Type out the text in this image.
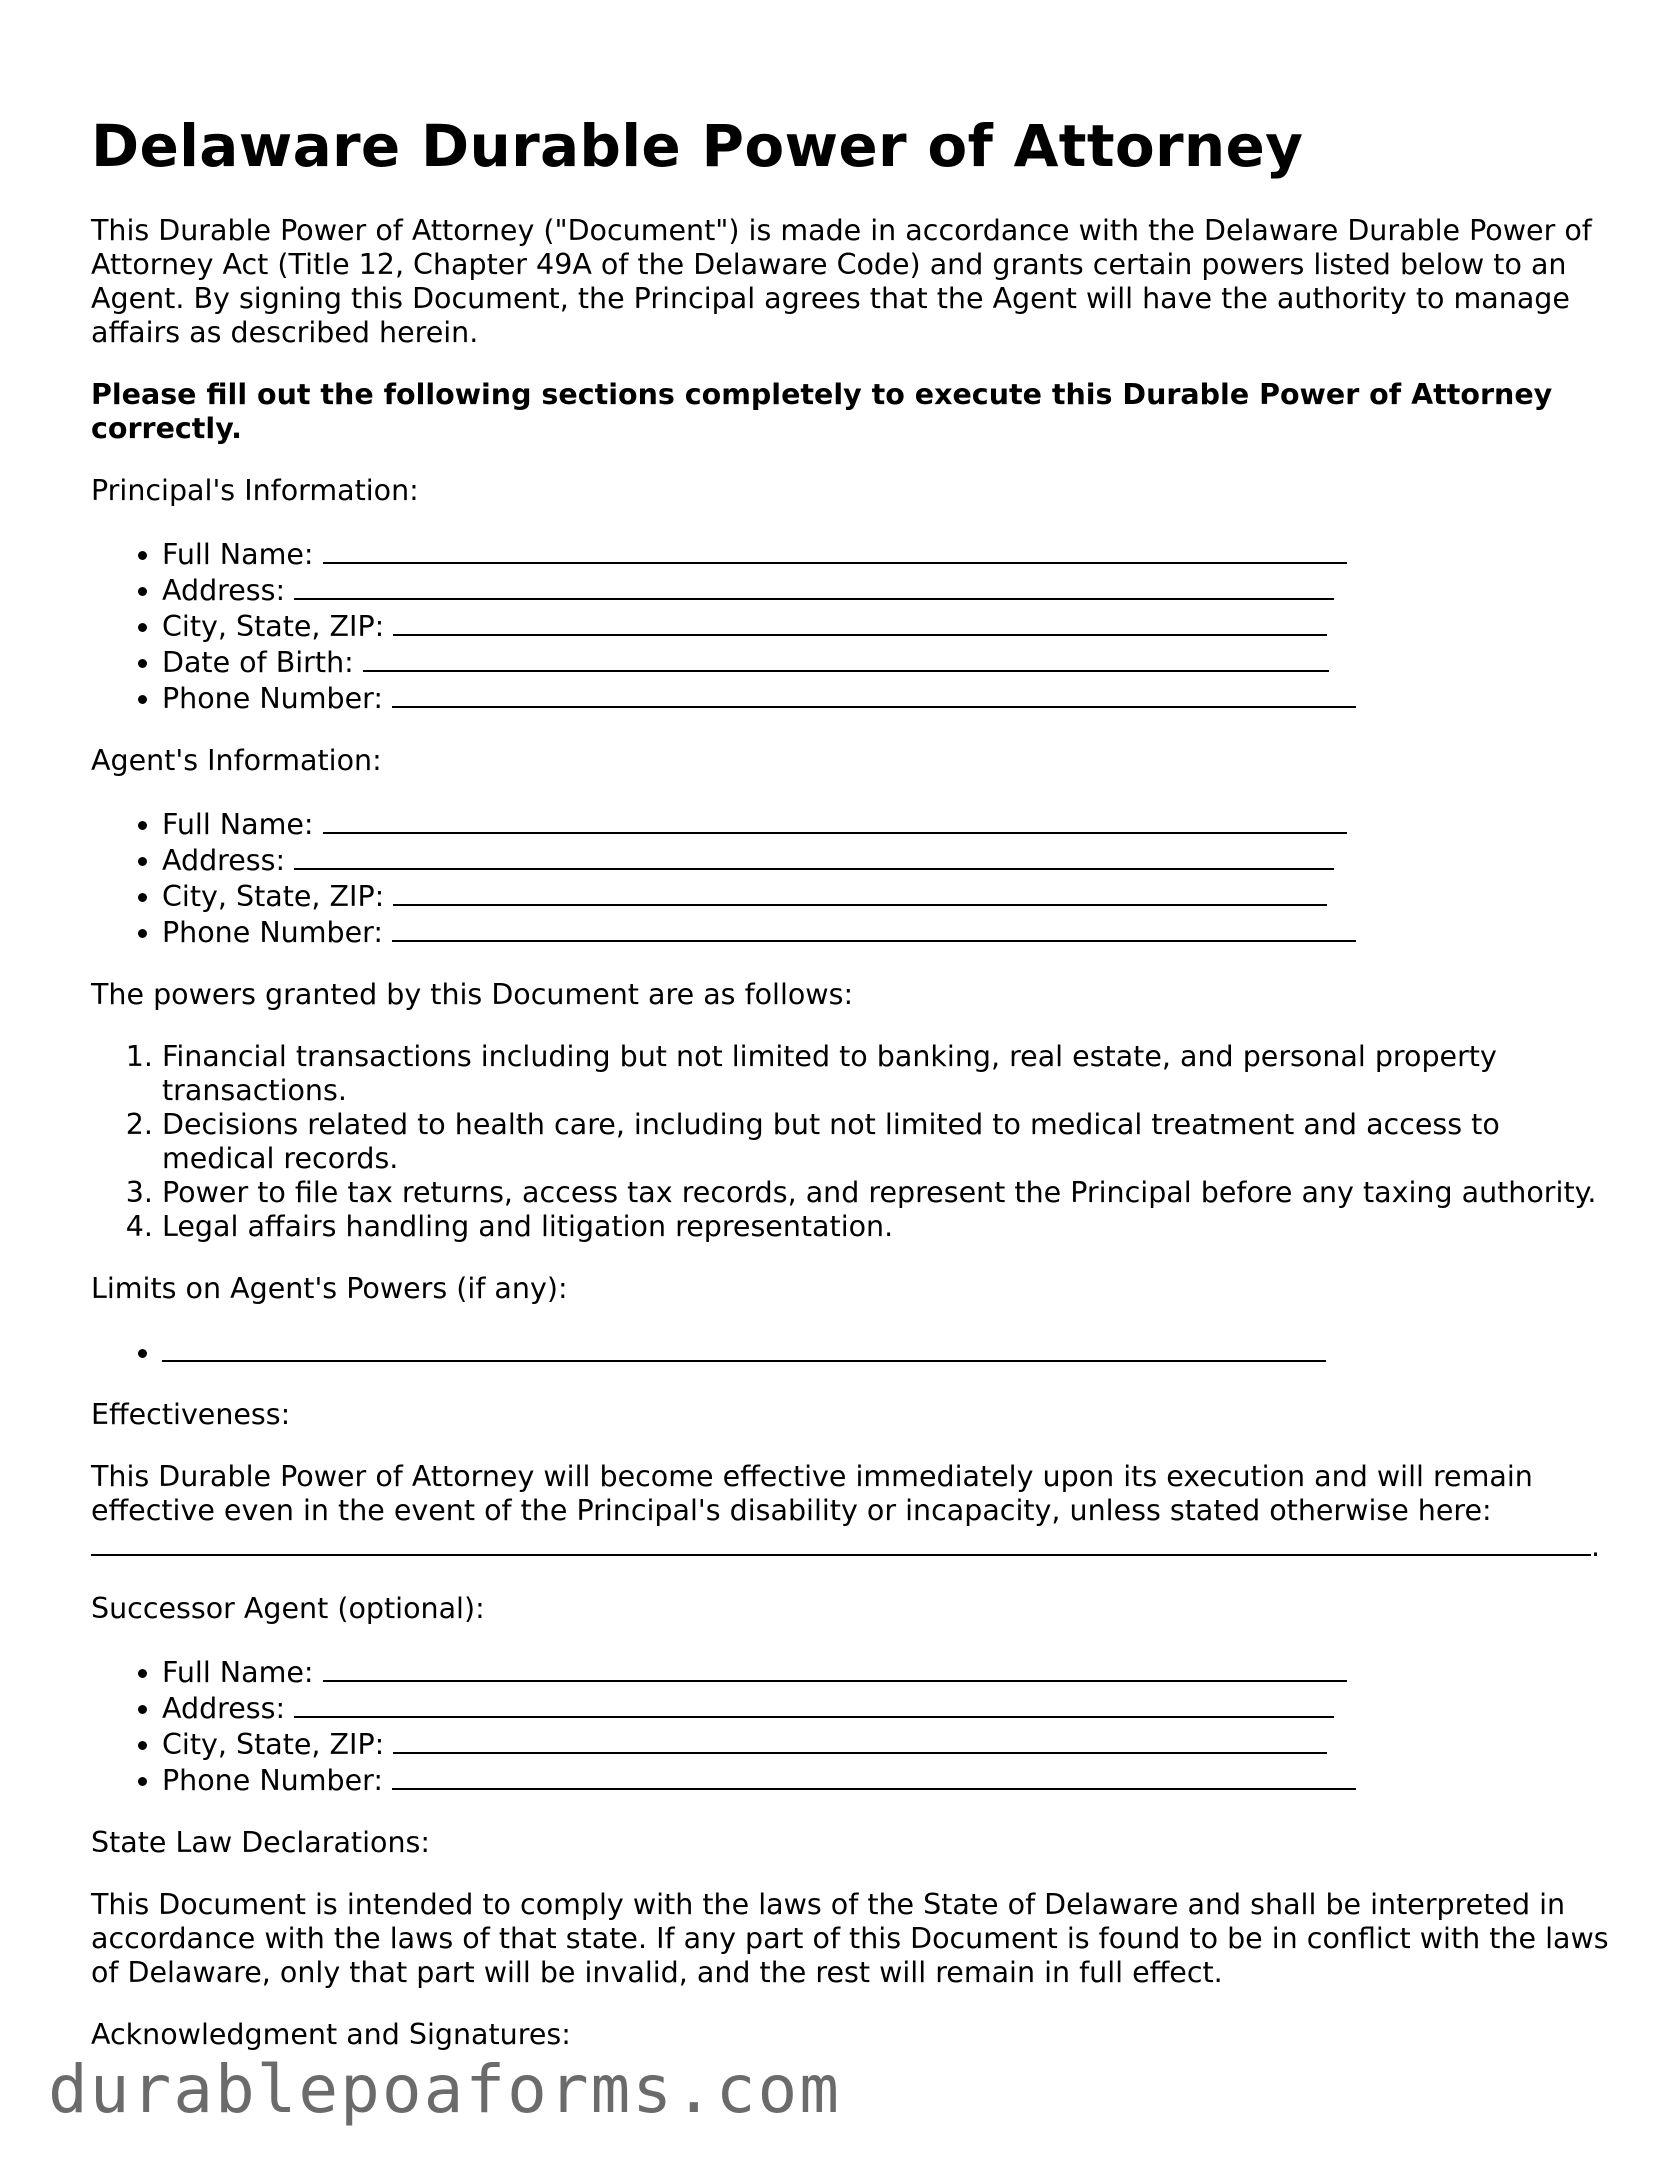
Delaware Durable Power of Attorney

This Durable Power of Attorney ("Document") is made in accordance with the Delaware Durable Power of Attorney Act (Title 12, Chapter 49A of the Delaware Code) and grants certain powers listed below to an Agent. By signing this Document, the Principal agrees that the Agent will have the authority to manage affairs as described herein.

Please fill out the following sections completely to execute this Durable Power of Attorney correctly.

Principal's Information:

• Full Name:
• Address:
• City, State, ZIP:
• Date of Birth:
• Phone Number:

Agent's Information:

• Full Name:
• Address:
• City, State, ZIP:
• Phone Number:

The powers granted by this Document are as follows:

1. Financial transactions including but not limited to banking, real estate, and personal property transactions.
2. Decisions related to health care, including but not limited to medical treatment and access to medical records.
3. Power to file tax returns, access tax records, and represent the Principal before any taxing authority.
4. Legal affairs handling and litigation representation.

Limits on Agent's Powers (if any):

•

Effectiveness:

This Durable Power of Attorney will become effective immediately upon its execution and will remain effective even in the event of the Principal's disability or incapacity, unless stated otherwise here:
.

Successor Agent (optional):

• Full Name:
• Address:
• City, State, ZIP:
• Phone Number:

State Law Declarations:

This Document is intended to comply with the laws of the State of Delaware and shall be interpreted in accordance with the laws of that state. If any part of this Document is found to be in conflict with the laws of Delaware, only that part will be invalid, and the rest will remain in full effect.

Acknowledgment and Signatures:

durablepoaforms.com
